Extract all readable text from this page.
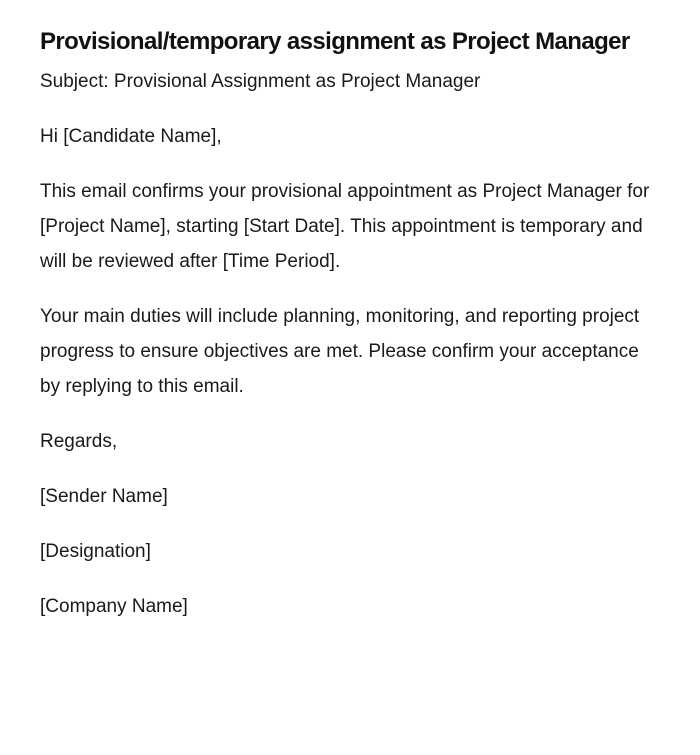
Provisional/temporary assignment as Project Manager

Subject: Provisional Assignment as Project Manager

Hi [Candidate Name],

This email confirms your provisional appointment as Project Manager for [Project Name], starting [Start Date]. This appointment is temporary and will be reviewed after [Time Period].

Your main duties will include planning, monitoring, and reporting project progress to ensure objectives are met. Please confirm your acceptance by replying to this email.

Regards,

[Sender Name]

[Designation]

[Company Name]
